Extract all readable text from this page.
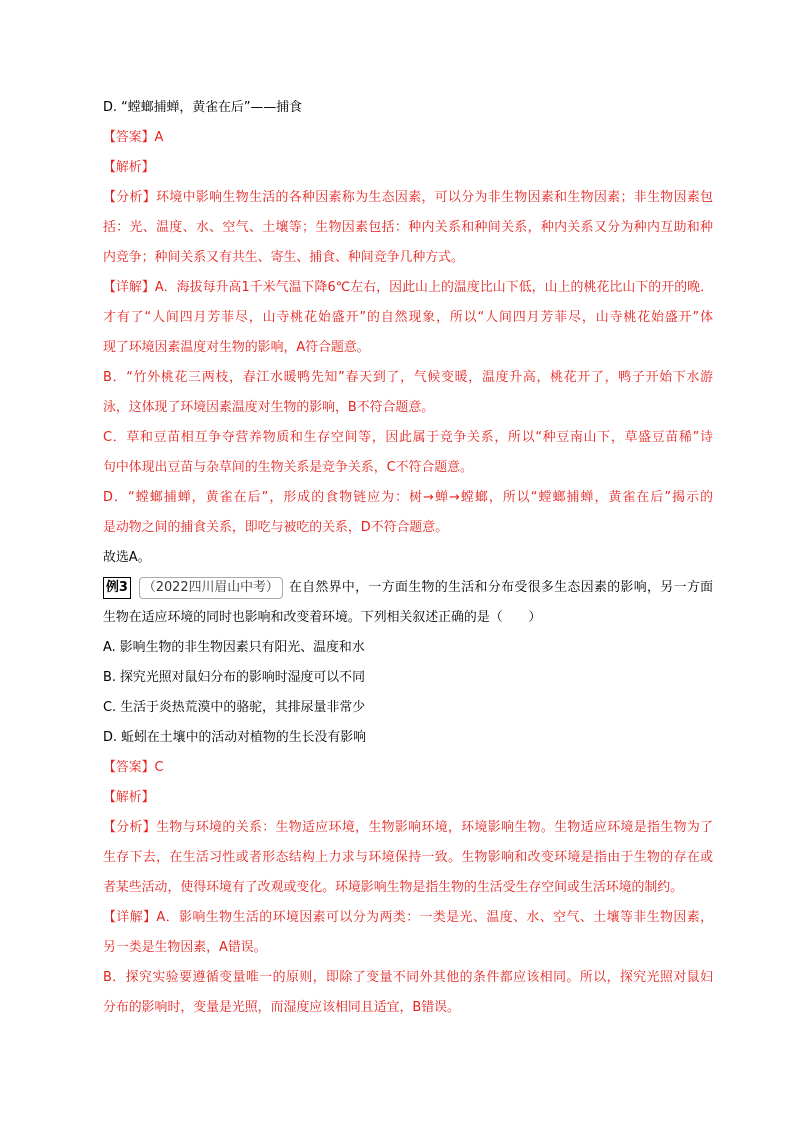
D. “螳螂捕蝉，黄雀在后”——捕食
【答案】A
【解析】
【分析】环境中影响生物生活的各种因素称为生态因素，可以分为非生物因素和生物因素；非生物因素包
括：光、温度、水、空气、土壤等；生物因素包括：种内关系和种间关系，种内关系又分为种内互助和种
内竞争；种间关系又有共生、寄生、捕食、种间竞争几种方式。
【详解】A．海拔每升高1千米气温下降6℃左右，因此山上的温度比山下低，山上的桃花比山下的开的晚．
才有了“人间四月芳菲尽，山寺桃花始盛开”的自然现象，所以“人间四月芳菲尽，山寺桃花始盛开”体
现了环境因素温度对生物的影响，A符合题意。
B．“竹外桃花三两枝，春江水暖鸭先知”春天到了，气候变暖，温度升高，桃花开了，鸭子开始下水游
泳，这体现了环境因素温度对生物的影响，B不符合题意。
C．草和豆苗相互争夺营养物质和生存空间等，因此属于竞争关系，所以“种豆南山下，草盛豆苗稀”诗
句中体现出豆苗与杂草间的生物关系是竞争关系，C不符合题意。
D．“螳螂捕蝉，黄雀在后”，形成的食物链应为：树→蝉→螳螂，所以“螳螂捕蝉，黄雀在后”揭示的
是动物之间的捕食关系，即吃与被吃的关系，D不符合题意。
故选A。
例3	（2022四川眉山中考） 在自然界中，一方面生物的生活和分布受很多生态因素的影响，另一方面
生物在适应环境的同时也影响和改变着环境。下列相关叙述正确的是（　　）
A. 影响生物的非生物因素只有阳光、温度和水
B. 探究光照对鼠妇分布的影响时湿度可以不同
C. 生活于炎热荒漠中的骆驼，其排尿量非常少
D. 蚯蚓在土壤中的活动对植物的生长没有影响
【答案】C
【解析】
【分析】生物与环境的关系：生物适应环境，生物影响环境，环境影响生物。生物适应环境是指生物为了
生存下去，在生活习性或者形态结构上力求与环境保持一致。生物影响和改变环境是指由于生物的存在或
者某些活动，使得环境有了改观或变化。环境影响生物是指生物的生活受生存空间或生活环境的制约。
【详解】A．影响生物生活的环境因素可以分为两类：一类是光、温度、水、空气、土壤等非生物因素，
另一类是生物因素，A错误。
B．探究实验要遵循变量唯一的原则，即除了变量不同外其他的条件都应该相同。所以，探究光照对鼠妇
分布的影响时，变量是光照，而湿度应该相同且适宜，B错误。
